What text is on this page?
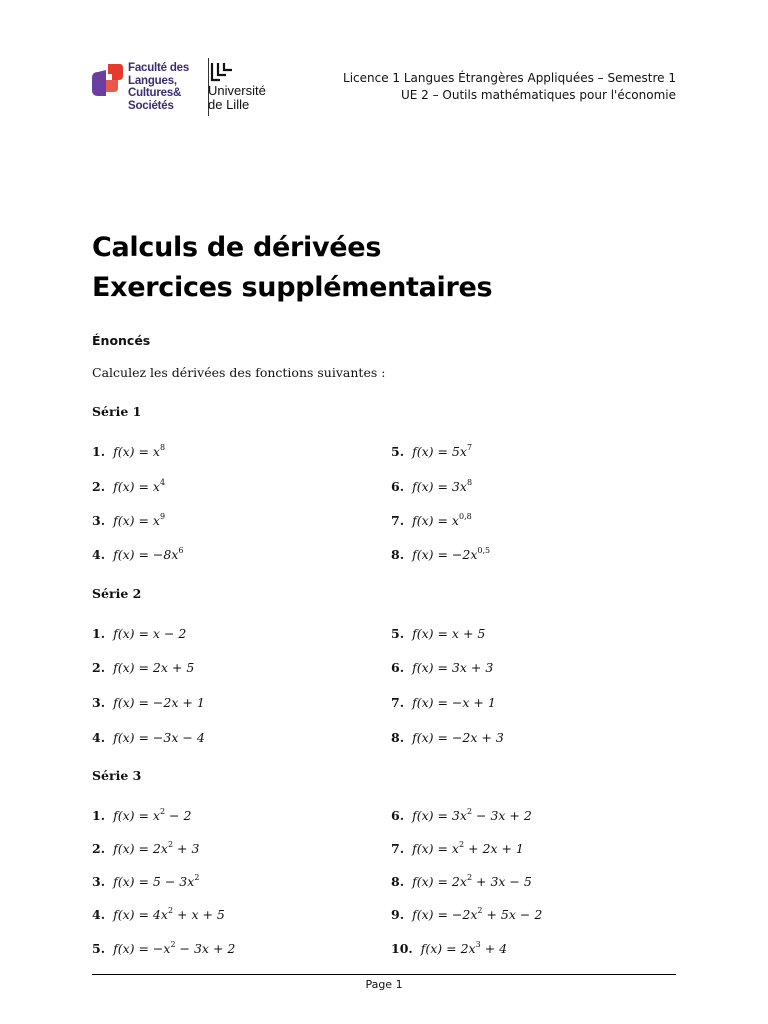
Faculté des
Langues,
Cultures&
Sociétés
Université
de Lille
Licence 1 Langues Étrangères Appliquées – Semestre 1
UE 2 – Outils mathématiques pour l'économie
Calculs de dérivées
Exercices supplémentaires
Énoncés
Calculez les dérivées des fonctions suivantes :
Série 1
1. $f(x) = x^8$
2. $f(x) = x^4$
3. $f(x) = x^9$
4. $f(x) = -8x^6$
5. $f(x) = 5x^7$
6. $f(x) = 3x^8$
7. $f(x) = x^{0,8}$
8. $f(x) = -2x^{0,5}$
Série 2
1. f(x) = x − 2
2. f(x) = 2x + 5
3. f(x) = −2x + 1
4. f(x) = −3x − 4
5. f(x) = x + 5
6. f(x) = 3x + 3
7. f(x) = −x + 1
8. f(x) = −2x + 3
Série 3
1. $f(x) = x^2 - 2$
2. $f(x) = 2x^2 + 3$
3. $f(x) = 5 - 3x^2$
4. $f(x) = 4x^2 + x + 5$
5. $f(x) = -x^2 - 3x + 2$
6. $f(x) = 3x^2 - 3x + 2$
7. $f(x) = x^2 + 2x + 1$
8. $f(x) = 2x^2 + 3x - 5$
9. $f(x) = -2x^2 + 5x - 2$
10. $f(x) = 2x^3 + 4$
Page 1
